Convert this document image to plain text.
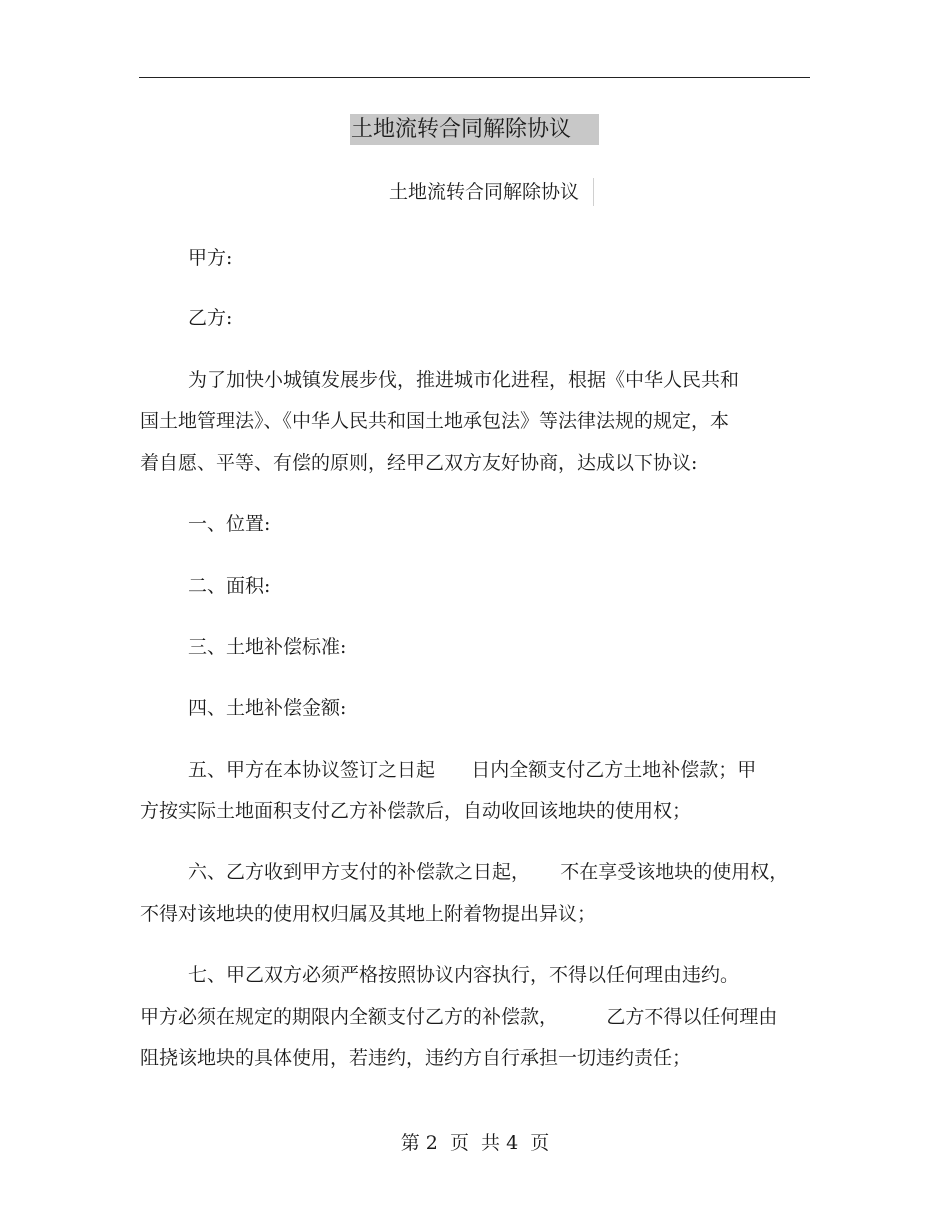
土地流转合同解除协议
土地流转合同解除协议
甲方:
乙方:
为了加快小城镇发展步伐，推进城市化进程，根据《中华人民共和
国土地管理法》、《中华人民共和国土地承包法》等法律法规的规定，本
着自愿、平等、有偿的原则，经甲乙双方友好协商，达成以下协议:
一、位置:
二、面积:
三、土地补偿标准:
四、土地补偿金额:
五、甲方在本协议签订之日起      日内全额支付乙方土地补偿款；甲
方按实际土地面积支付乙方补偿款后，自动收回该地块的使用权；
六、乙方收到甲方支付的补偿款之日起，     不在享受该地块的使用权，
不得对该地块的使用权归属及其地上附着物提出异议；
七、甲乙双方必须严格按照协议内容执行，不得以任何理由违约。
甲方必须在规定的期限内全额支付乙方的补偿款，        乙方不得以任何理由
阻挠该地块的具体使用，若违约，违约方自行承担一切违约责任；
第 2  页  共 4  页
